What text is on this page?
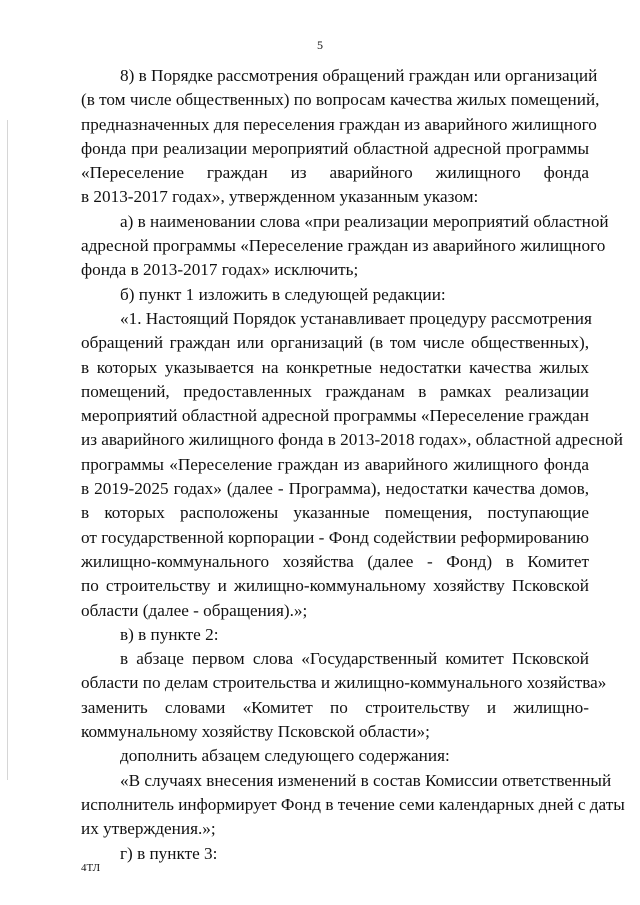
5
8) в Порядке рассмотрения обращений граждан или организаций
(в том числе общественных) по вопросам качества жилых помещений,
предназначенных для переселения граждан из аварийного жилищного
фонда при реализации мероприятий областной адресной программы
«Переселение граждан из аварийного жилищного фонда
в 2013-2017 годах», утвержденном указанным указом:
а) в наименовании слова «при реализации мероприятий областной
адресной программы «Переселение граждан из аварийного жилищного
фонда в 2013-2017 годах» исключить;
б) пункт 1 изложить в следующей редакции:
«1. Настоящий Порядок устанавливает процедуру рассмотрения
обращений граждан или организаций (в том числе общественных),
в которых указывается на конкретные недостатки качества жилых
помещений, предоставленных гражданам в рамках реализации
мероприятий областной адресной программы «Переселение граждан
из аварийного жилищного фонда в 2013-2018 годах», областной адресной
программы «Переселение граждан из аварийного жилищного фонда
в 2019-2025 годах» (далее - Программа), недостатки качества домов,
в которых расположены указанные помещения, поступающие
от государственной корпорации - Фонд содействии реформированию
жилищно-коммунального хозяйства (далее - Фонд) в Комитет
по строительству и жилищно-коммунальному хозяйству Псковской
области (далее - обращения).»;
в) в пункте 2:
в абзаце первом слова «Государственный комитет Псковской
области по делам строительства и жилищно-коммунального хозяйства»
заменить словами «Комитет по строительству и жилищно-
коммунальному хозяйству Псковской области»;
дополнить абзацем следующего содержания:
«В случаях внесения изменений в состав Комиссии ответственный
исполнитель информирует Фонд в течение семи календарных дней с даты
их утверждения.»;
г) в пункте 3:
4ТЛ
